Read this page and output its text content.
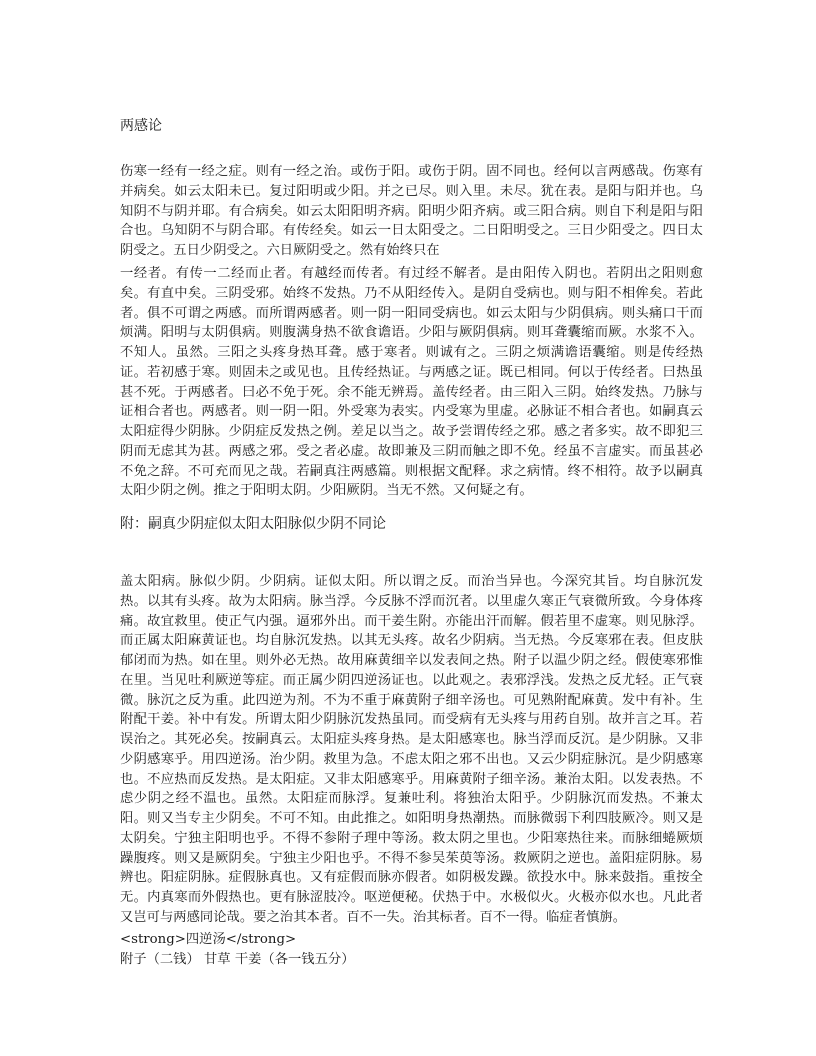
两感论
伤寒一经有一经之症。则有一经之治。或伤于阳。或伤于阴。固不同也。经何以言两感哉。伤寒有并病矣。如云太阳未已。复过阳明或少阳。并之已尽。则入里。未尽。犹在表。是阳与阳并也。乌知阴不与阴并耶。有合病矣。如云太阳阳明齐病。阳明少阳齐病。或三阳合病。则自下利是阳与阳合也。乌知阴不与阴合耶。有传经矣。如云一日太阳受之。二日阳明受之。三日少阳受之。四日太阴受之。五日少阴受之。六日厥阴受之。然有始终只在
一经者。有传一二经而止者。有越经而传者。有过经不解者。是由阳传入阴也。若阴出之阳则愈矣。有直中矣。三阴受邪。始终不发热。乃不从阳经传入。是阴自受病也。则与阳不相侔矣。若此者。俱不可谓之两感。而所谓两感者。则一阴一阳同受病也。如云太阳与少阴俱病。则头痛口干而烦满。阳明与太阴俱病。则腹满身热不欲食谵语。少阳与厥阴俱病。则耳聋囊缩而厥。水浆不入。不知人。虽然。三阳之头疼身热耳聋。感于寒者。则诚有之。三阴之烦满谵语囊缩。则是传经热证。若初感于寒。则固未之或见也。且传经热证。与两感之证。既已相同。何以于传经者。曰热虽甚不死。于两感者。曰必不免于死。余不能无辨焉。盖传经者。由三阳入三阴。始终发热。乃脉与证相合者也。两感者。则一阴一阳。外受寒为表实。内受寒为里虚。必脉证不相合者也。如嗣真云太阳症得少阴脉。少阴症反发热之例。差足以当之。故予尝谓传经之邪。感之者多实。故不即犯三阴而无虑其为甚。两感之邪。受之者必虚。故即兼及三阴而触之即不免。经虽不言虚实。而虽甚必不免之辞。不可充而见之哉。若嗣真注两感篇。则根据文配释。求之病情。终不相符。故予以嗣真太阳少阴之例。推之于阳明太阴。少阳厥阴。当无不然。又何疑之有。
附：嗣真少阴症似太阳太阳脉似少阴不同论
盖太阳病。脉似少阴。少阴病。证似太阳。所以谓之反。而治当异也。今深究其旨。均自脉沉发热。以其有头疼。故为太阳病。脉当浮。今反脉不浮而沉者。以里虚久寒正气衰微所致。今身体疼痛。故宜救里。使正气内强。逼邪外出。而干姜生附。亦能出汗而解。假若里不虚寒。则见脉浮。而正属太阳麻黄证也。均自脉沉发热。以其无头疼。故名少阴病。当无热。今反寒邪在表。但皮肤郁闭而为热。如在里。则外必无热。故用麻黄细辛以发表间之热。附子以温少阴之经。假使寒邪惟在里。当见吐利厥逆等症。而正属少阴四逆汤证也。以此观之。表邪浮浅。发热之反尤轻。正气衰微。脉沉之反为重。此四逆为剂。不为不重于麻黄附子细辛汤也。可见熟附配麻黄。发中有补。生附配干姜。补中有发。所谓太阳少阴脉沉发热虽同。而受病有无头疼与用药自别。故并言之耳。若误治之。其死必矣。按嗣真云。太阳症头疼身热。是太阳感寒也。脉当浮而反沉。是少阴脉。又非少阴感寒乎。用四逆汤。治少阴。救里为急。不虑太阳之邪不出也。又云少阴症脉沉。是少阴感寒也。不应热而反发热。是太阳症。又非太阳感寒乎。用麻黄附子细辛汤。兼治太阳。以发表热。不虑少阴之经不温也。虽然。太阳症而脉浮。复兼吐利。将独治太阳乎。少阴脉沉而发热。不兼太阳。则又当专主少阴矣。不可不知。由此推之。如阳明身热潮热。而脉微弱下利四肢厥冷。则又是太阴矣。宁独主阳明也乎。不得不参附子理中等汤。救太阴之里也。少阳寒热往来。而脉细蜷厥烦躁腹疼。则又是厥阴矣。宁独主少阳也乎。不得不参吴茱萸等汤。救厥阴之逆也。盖阳症阴脉。易辨也。阳症阴脉。症假脉真也。又有症假而脉亦假者。如阴极发躁。欲投水中。脉来鼓指。重按全无。内真寒而外假热也。更有脉涩肢冷。呕逆便秘。伏热于中。水极似火。火极亦似水也。凡此者又岂可与两感同论哉。要之治其本者。百不一失。治其标者。百不一得。临症者慎旃。
<strong>四逆汤</strong>
附子（二钱） 甘草 干姜（各一钱五分）
